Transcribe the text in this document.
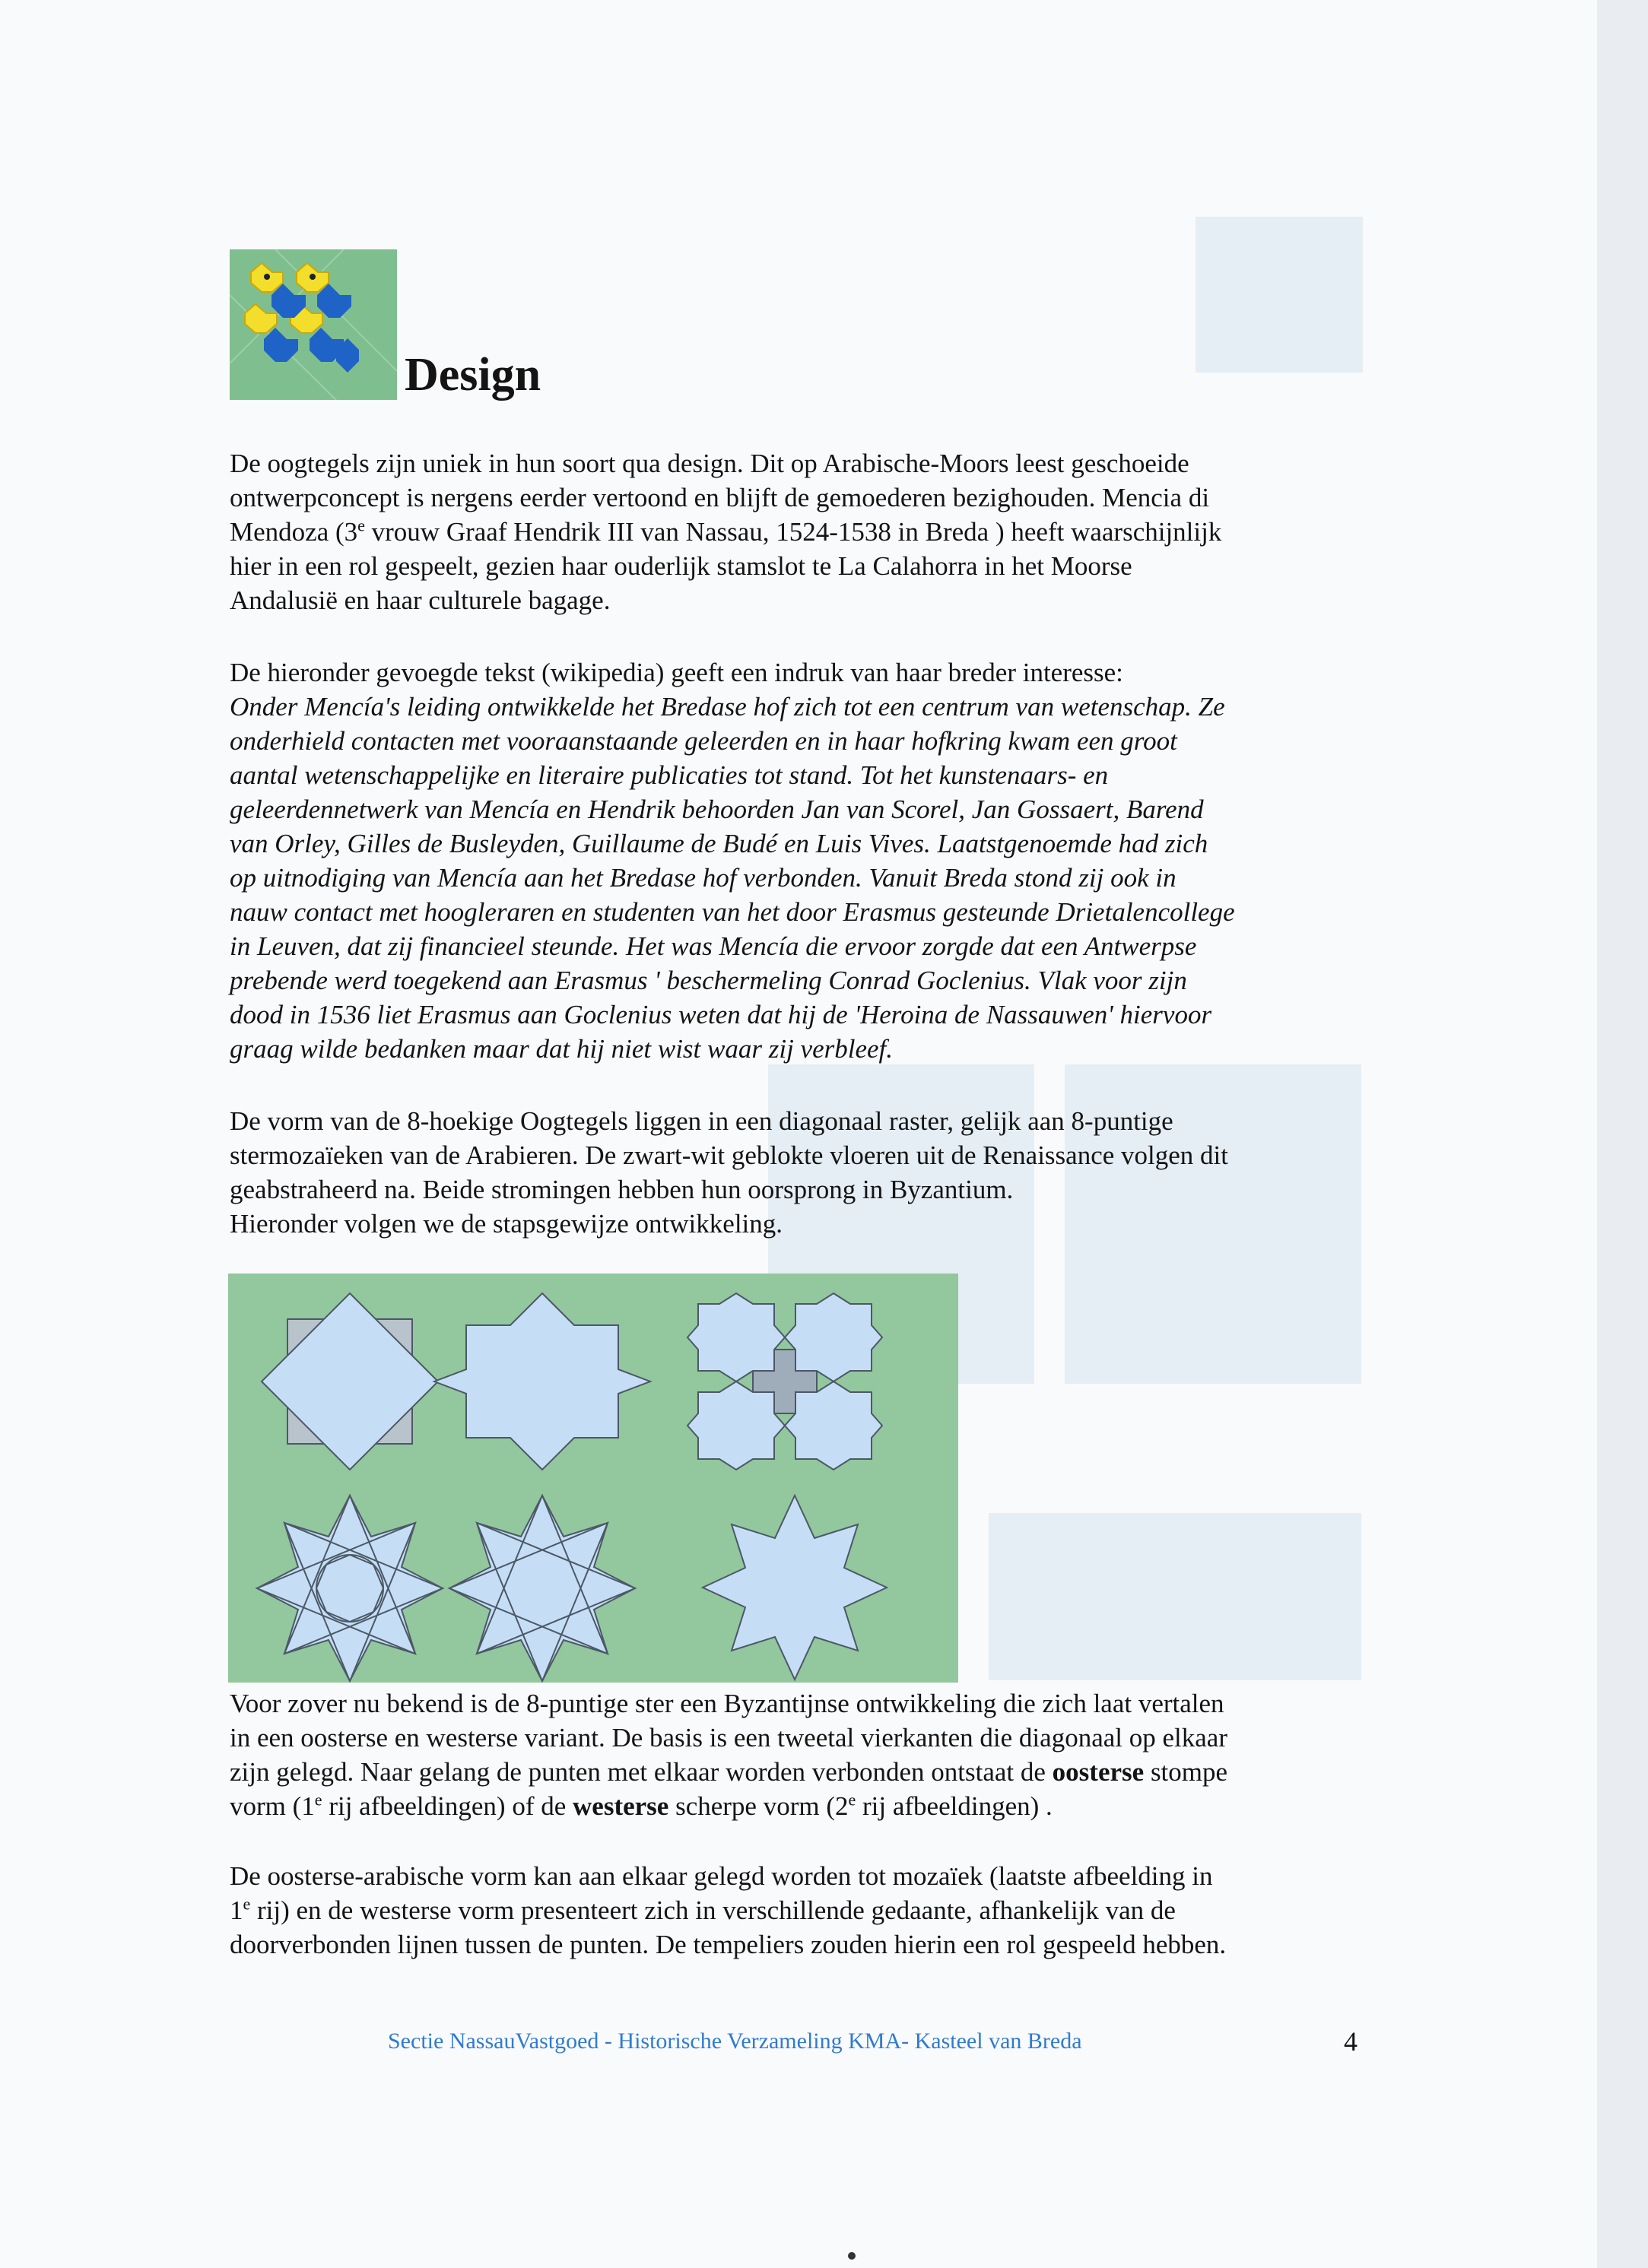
Design

De oogtegels zijn uniek in hun soort qua design. Dit op Arabische-Moors leest geschoeide

ontwerpconcept is nergens eerder vertoond en blijft de gemoederen bezighouden. Mencia di

Mendoza (3e vrouw Graaf Hendrik III van Nassau, 1524-1538 in Breda ) heeft waarschijnlijk

hier in een rol gespeelt, gezien haar ouderlijk stamslot te La Calahorra in het Moorse

Andalusië en haar culturele bagage.

De hieronder gevoegde tekst (wikipedia) geeft een indruk van haar breder interesse:

Onder Mencía's leiding ontwikkelde het Bredase hof zich tot een centrum van wetenschap. Ze

onderhield contacten met vooraanstaande geleerden en in haar hofkring kwam een groot

aantal wetenschappelijke en literaire publicaties tot stand. Tot het kunstenaars- en

geleerdennetwerk van Mencía en Hendrik behoorden Jan van Scorel, Jan Gossaert, Barend

van Orley, Gilles de Busleyden, Guillaume de Budé en Luis Vives. Laatstgenoemde had zich

op uitnodiging van Mencía aan het Bredase hof verbonden. Vanuit Breda stond zij ook in

nauw contact met hoogleraren en studenten van het door Erasmus gesteunde Drietalencollege

in Leuven, dat zij financieel steunde. Het was Mencía die ervoor zorgde dat een Antwerpse

prebende werd toegekend aan Erasmus ' beschermeling Conrad Goclenius. Vlak voor zijn

dood in 1536 liet Erasmus aan Goclenius weten dat hij de 'Heroina de Nassauwen' hiervoor

graag wilde bedanken maar dat hij niet wist waar zij verbleef.

De vorm van de 8-hoekige Oogtegels liggen in een diagonaal raster, gelijk aan 8-puntige

stermozaïeken van de Arabieren. De zwart-wit geblokte vloeren uit de Renaissance volgen dit

geabstraheerd na. Beide stromingen hebben hun oorsprong in Byzantium.

Hieronder volgen we de stapsgewijze ontwikkeling.

Voor zover nu bekend is de 8-puntige ster een Byzantijnse ontwikkeling die zich laat vertalen

in een oosterse en westerse variant. De basis is een tweetal vierkanten die diagonaal op elkaar

zijn gelegd. Naar gelang de punten met elkaar worden verbonden ontstaat de oosterse stompe

vorm (1e rij afbeeldingen) of de westerse scherpe vorm (2e rij afbeeldingen) .

De oosterse-arabische vorm kan aan elkaar gelegd worden tot mozaïek (laatste afbeelding in

1e rij) en de westerse vorm presenteert zich in verschillende gedaante, afhankelijk van de

doorverbonden lijnen tussen de punten. De tempeliers zouden hierin een rol gespeeld hebben.

Sectie NassauVastgoed - Historische Verzameling KMA- Kasteel van Breda	4
